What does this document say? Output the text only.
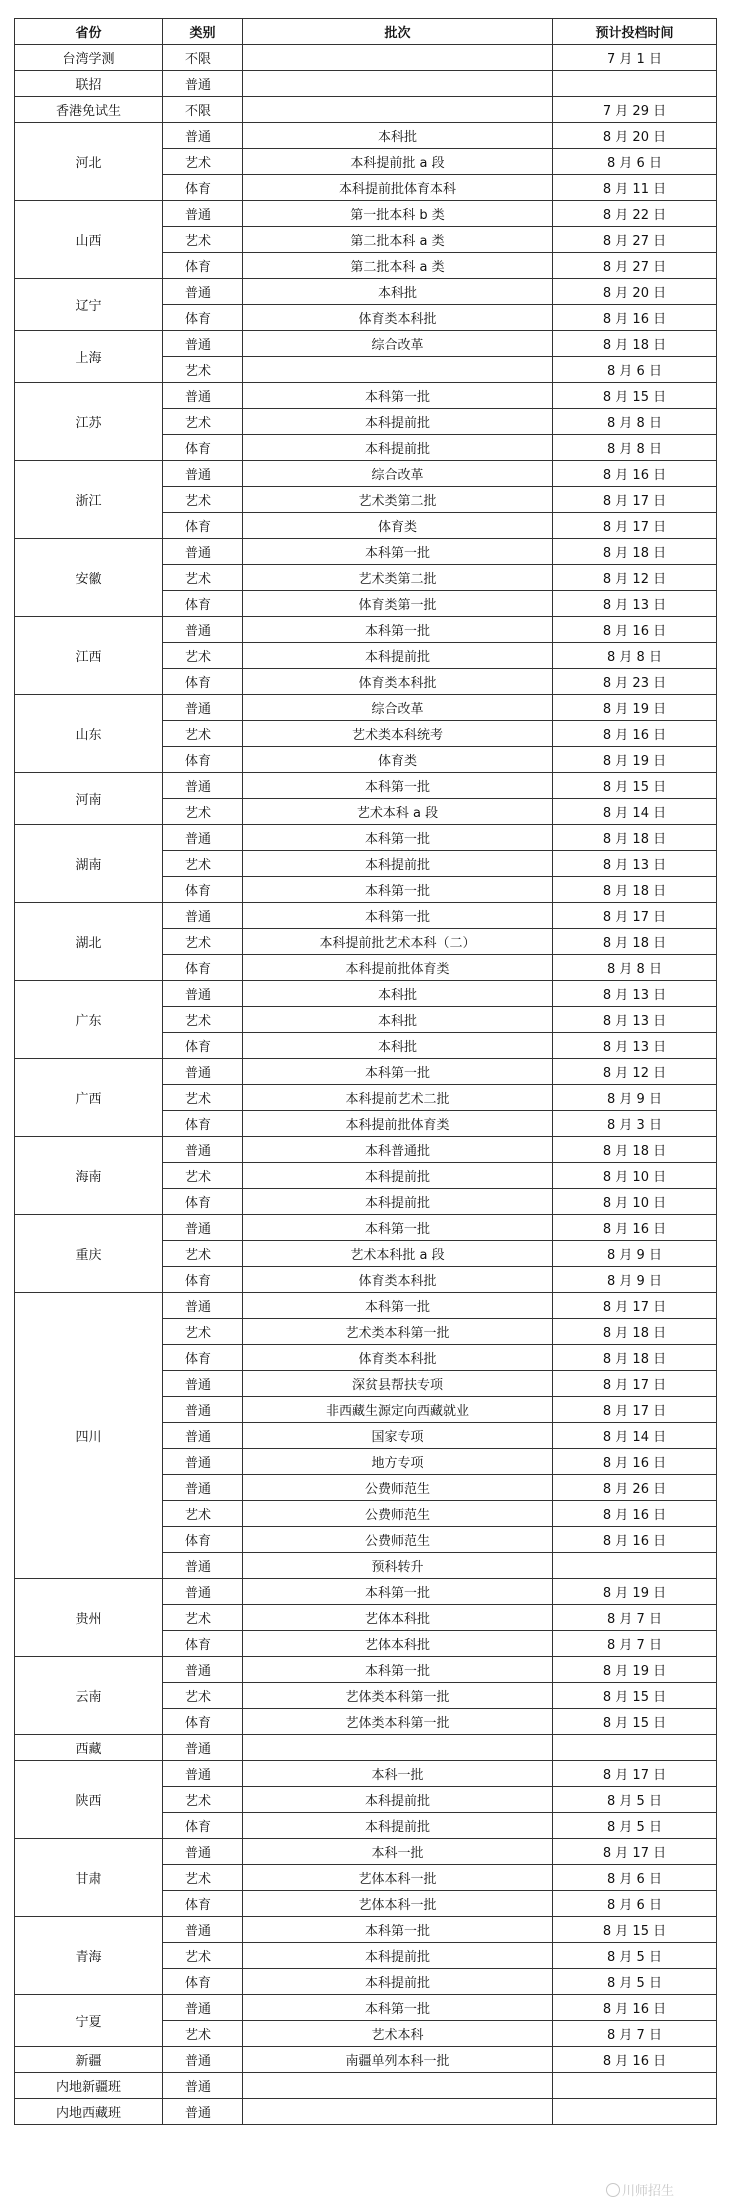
省份	类别	批次	预计投档时间
台湾学测	不限		7 月 1 日
联招	普通		
香港免试生	不限		7 月 29 日
河北	普通	本科批	8 月 20 日
	艺术	本科提前批 a 段	8 月 6 日
	体育	本科提前批体育本科	8 月 11 日
山西	普通	第一批本科 b 类	8 月 22 日
	艺术	第二批本科 a 类	8 月 27 日
	体育	第二批本科 a 类	8 月 27 日
辽宁	普通	本科批	8 月 20 日
	体育	体育类本科批	8 月 16 日
上海	普通	综合改革	8 月 18 日
	艺术		8 月 6 日
江苏	普通	本科第一批	8 月 15 日
	艺术	本科提前批	8 月 8 日
	体育	本科提前批	8 月 8 日
浙江	普通	综合改革	8 月 16 日
	艺术	艺术类第二批	8 月 17 日
	体育	体育类	8 月 17 日
安徽	普通	本科第一批	8 月 18 日
	艺术	艺术类第二批	8 月 12 日
	体育	体育类第一批	8 月 13 日
江西	普通	本科第一批	8 月 16 日
	艺术	本科提前批	8 月 8 日
	体育	体育类本科批	8 月 23 日
山东	普通	综合改革	8 月 19 日
	艺术	艺术类本科统考	8 月 16 日
	体育	体育类	8 月 19 日
河南	普通	本科第一批	8 月 15 日
	艺术	艺术本科 a 段	8 月 14 日
湖南	普通	本科第一批	8 月 18 日
	艺术	本科提前批	8 月 13 日
	体育	本科第一批	8 月 18 日
湖北	普通	本科第一批	8 月 17 日
	艺术	本科提前批艺术本科（二）	8 月 18 日
	体育	本科提前批体育类	8 月 8 日
广东	普通	本科批	8 月 13 日
	艺术	本科批	8 月 13 日
	体育	本科批	8 月 13 日
广西	普通	本科第一批	8 月 12 日
	艺术	本科提前艺术二批	8 月 9 日
	体育	本科提前批体育类	8 月 3 日
海南	普通	本科普通批	8 月 18 日
	艺术	本科提前批	8 月 10 日
	体育	本科提前批	8 月 10 日
重庆	普通	本科第一批	8 月 16 日
	艺术	艺术本科批 a 段	8 月 9 日
	体育	体育类本科批	8 月 9 日
四川	普通	本科第一批	8 月 17 日
	艺术	艺术类本科第一批	8 月 18 日
	体育	体育类本科批	8 月 18 日
	普通	深贫县帮扶专项	8 月 17 日
	普通	非西藏生源定向西藏就业	8 月 17 日
	普通	国家专项	8 月 14 日
	普通	地方专项	8 月 16 日
	普通	公费师范生	8 月 26 日
	艺术	公费师范生	8 月 16 日
	体育	公费师范生	8 月 16 日
	普通	预科转升	
贵州	普通	本科第一批	8 月 19 日
	艺术	艺体本科批	8 月 7 日
	体育	艺体本科批	8 月 7 日
云南	普通	本科第一批	8 月 19 日
	艺术	艺体类本科第一批	8 月 15 日
	体育	艺体类本科第一批	8 月 15 日
西藏	普通		
陕西	普通	本科一批	8 月 17 日
	艺术	本科提前批	8 月 5 日
	体育	本科提前批	8 月 5 日
甘肃	普通	本科一批	8 月 17 日
	艺术	艺体本科一批	8 月 6 日
	体育	艺体本科一批	8 月 6 日
青海	普通	本科第一批	8 月 15 日
	艺术	本科提前批	8 月 5 日
	体育	本科提前批	8 月 5 日
宁夏	普通	本科第一批	8 月 16 日
	艺术	艺术本科	8 月 7 日
新疆	普通	南疆单列本科一批	8 月 16 日
内地新疆班	普通		
内地西藏班	普通		
川师招生
